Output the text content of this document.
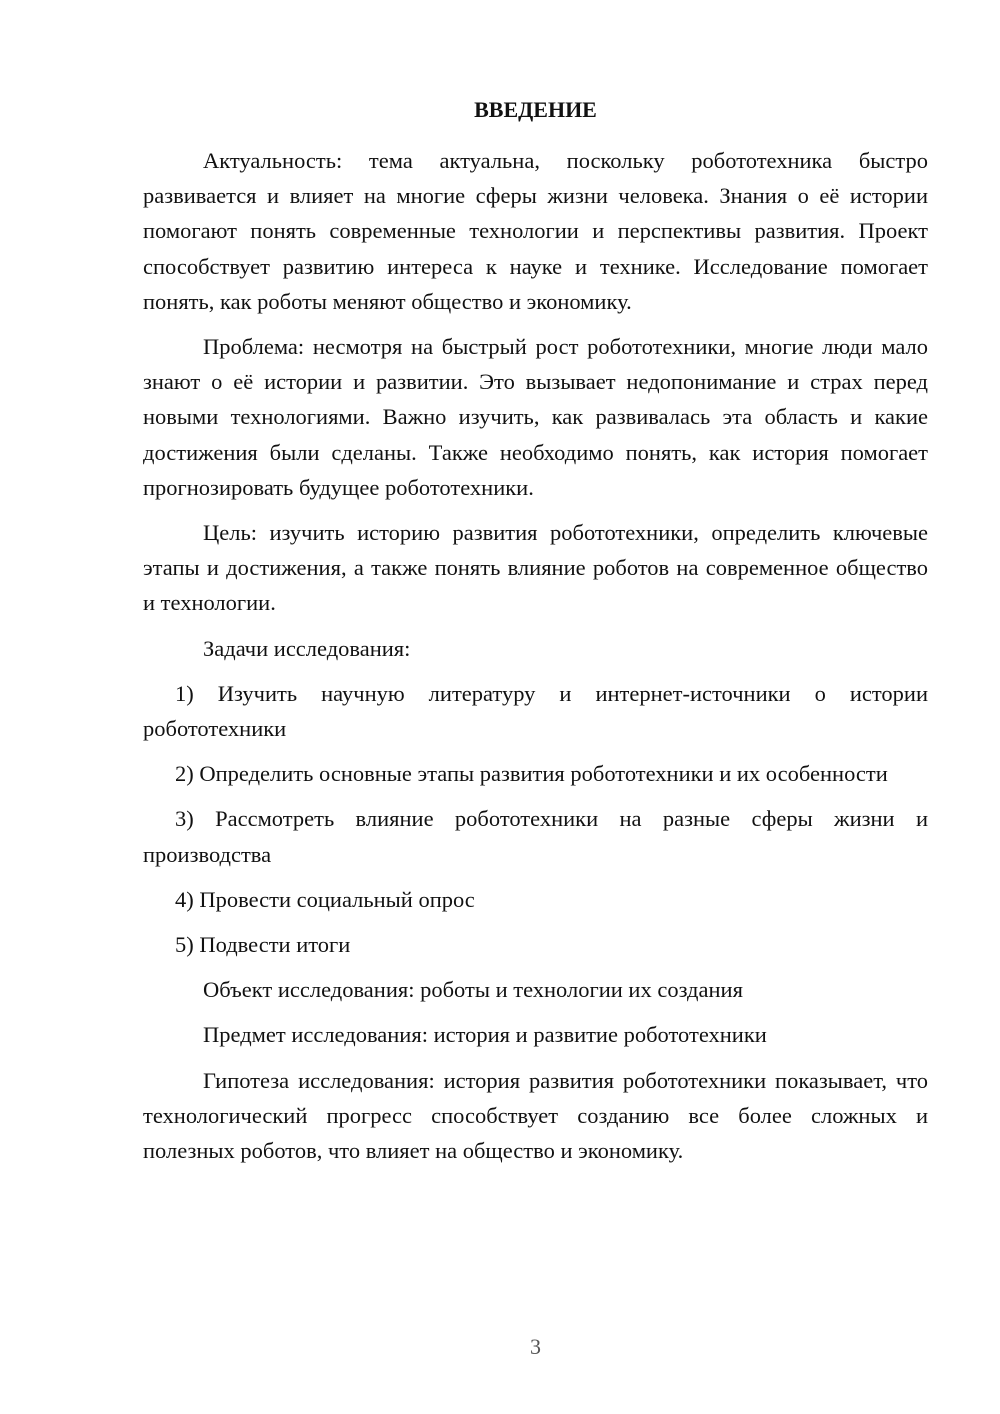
ВВЕДЕНИЕ

Актуальность: тема актуальна, поскольку робототехника быстро развивается и влияет на многие сферы жизни человека. Знания о её истории помогают понять современные технологии и перспективы развития. Проект способствует развитию интереса к науке и технике. Исследование помогает понять, как роботы меняют общество и экономику.

Проблема: несмотря на быстрый рост робототехники, многие люди мало знают о её истории и развитии. Это вызывает недопонимание и страх перед новыми технологиями. Важно изучить, как развивалась эта область и какие достижения были сделаны. Также необходимо понять, как история помогает прогнозировать будущее робототехники.

Цель: изучить историю развития робототехники, определить ключевые этапы и достижения, а также понять влияние роботов на современное общество и технологии.

Задачи исследования:

1) Изучить научную литературу и интернет-источники о истории робототехники

2) Определить основные этапы развития робототехники и их особенности

3) Рассмотреть влияние робототехники на разные сферы жизни и производства

4) Провести социальный опрос

5) Подвести итоги

Объект исследования: роботы и технологии их создания

Предмет исследования: история и развитие робототехники

Гипотеза исследования: история развития робототехники показывает, что технологический прогресс способствует созданию все более сложных и полезных роботов, что влияет на общество и экономику.

3
